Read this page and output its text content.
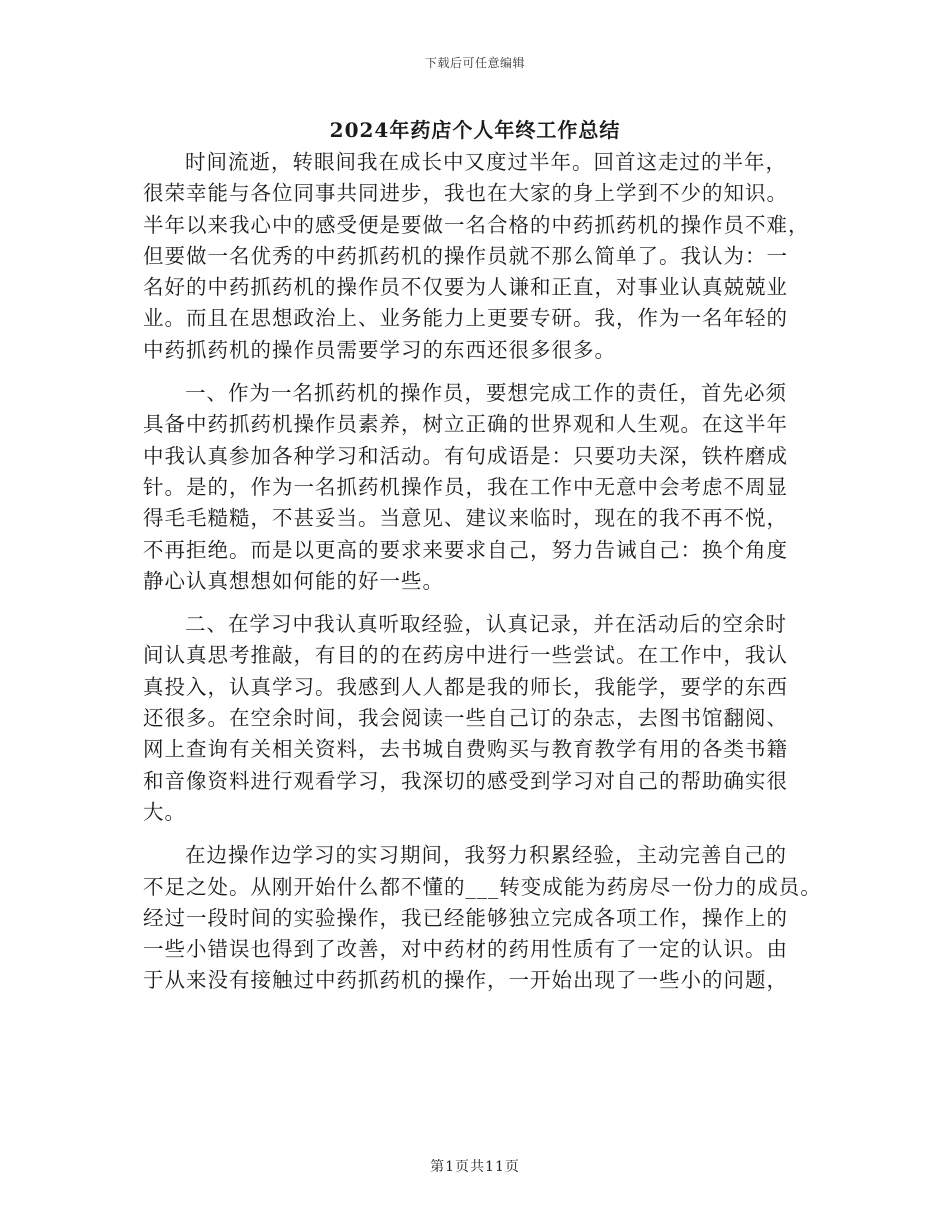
下载后可任意编辑
2024年药店个人年终工作总结
时间流逝，转眼间我在成长中又度过半年。回首这走过的半年，
很荣幸能与各位同事共同进步，我也在大家的身上学到不少的知识。
半年以来我心中的感受便是要做一名合格的中药抓药机的操作员不难，
但要做一名优秀的中药抓药机的操作员就不那么简单了。我认为：一
名好的中药抓药机的操作员不仅要为人谦和正直，对事业认真兢兢业
业。而且在思想政治上、业务能力上更要专研。我，作为一名年轻的
中药抓药机的操作员需要学习的东西还很多很多。
一、作为一名抓药机的操作员，要想完成工作的责任，首先必须
具备中药抓药机操作员素养，树立正确的世界观和人生观。在这半年
中我认真参加各种学习和活动。有句成语是：只要功夫深，铁杵磨成
针。是的，作为一名抓药机操作员，我在工作中无意中会考虑不周显
得毛毛糙糙，不甚妥当。当意见、建议来临时，现在的我不再不悦，
不再拒绝。而是以更高的要求来要求自己，努力告诫自己：换个角度
静心认真想想如何能的好一些。
二、在学习中我认真听取经验，认真记录，并在活动后的空余时
间认真思考推敲，有目的的在药房中进行一些尝试。在工作中，我认
真投入，认真学习。我感到人人都是我的师长，我能学，要学的东西
还很多。在空余时间，我会阅读一些自己订的杂志，去图书馆翻阅、
网上查询有关相关资料，去书城自费购买与教育教学有用的各类书籍
和音像资料进行观看学习，我深切的感受到学习对自己的帮助确实很
大。
在边操作边学习的实习期间，我努力积累经验，主动完善自己的
不足之处。从刚开始什么都不懂的___转变成能为药房尽一份力的成员。
经过一段时间的实验操作，我已经能够独立完成各项工作，操作上的
一些小错误也得到了改善，对中药材的药用性质有了一定的认识。由
于从来没有接触过中药抓药机的操作，一开始出现了一些小的问题，
第1页共11页
